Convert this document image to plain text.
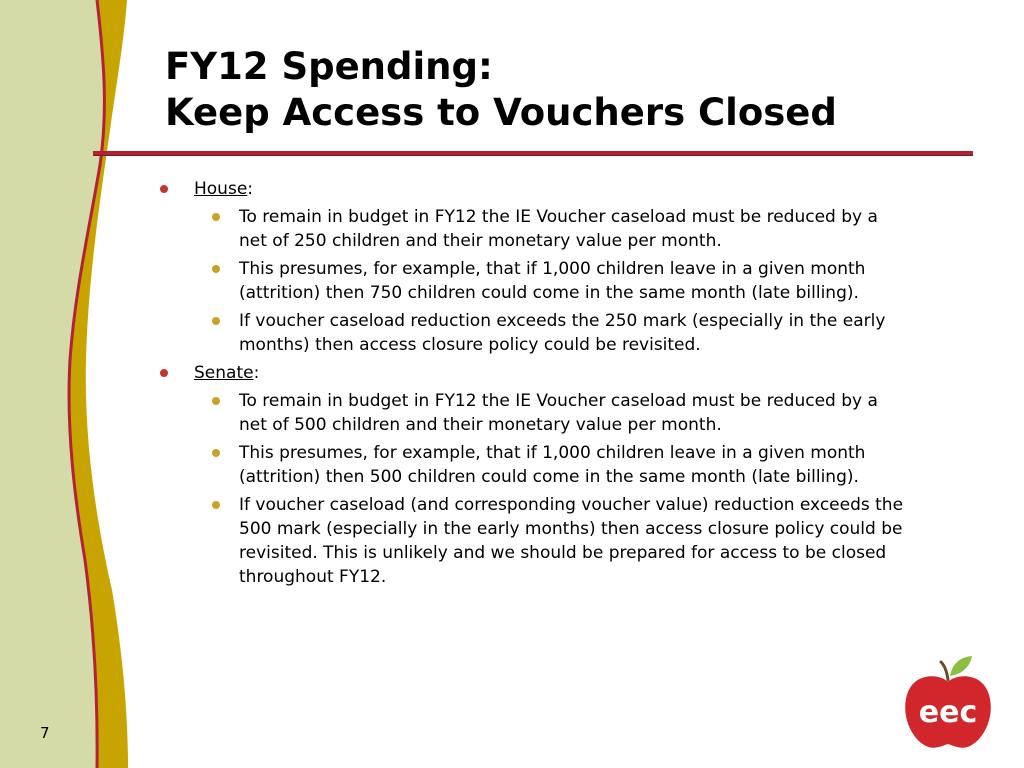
FY12 Spending:
Keep Access to Vouchers Closed
House:
To remain in budget in FY12 the IE Voucher caseload must be reduced by a net of 250 children and their monetary value per month.
This presumes, for example, that if 1,000 children leave in a given month (attrition) then 750 children could come in the same month (late billing).
If voucher caseload reduction exceeds the 250 mark (especially in the early months) then access closure policy could be revisited.
Senate:
To remain in budget in FY12 the IE Voucher caseload must be reduced by a net of 500 children and their monetary value per month.
This presumes, for example, that if 1,000 children leave in a given month (attrition) then 500 children could come in the same month (late billing).
If voucher caseload (and corresponding voucher value) reduction exceeds the 500 mark (especially in the early months) then access closure policy could be revisited. This is unlikely and we should be prepared for access to be closed throughout FY12.
7
eec
